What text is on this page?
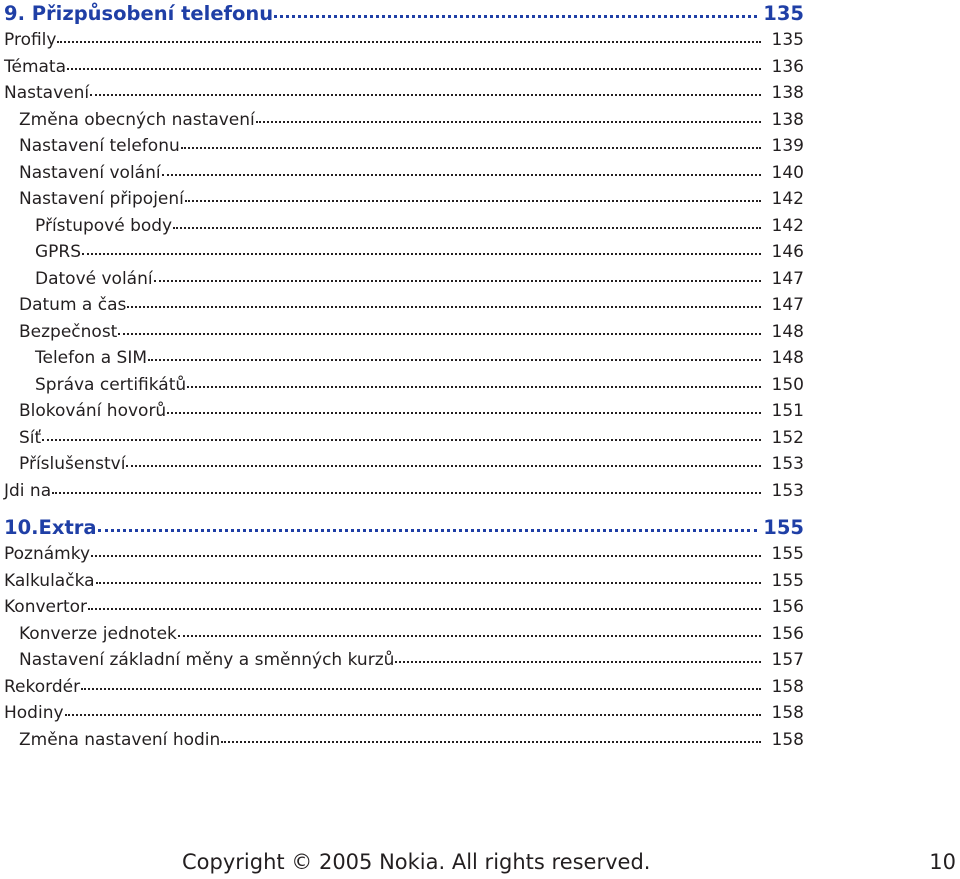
9. Přizpůsobení telefonu	135
Profily	135
Témata	136
Nastavení	138
Změna obecných nastavení	138
Nastavení telefonu	139
Nastavení volání	140
Nastavení připojení	142
Přístupové body	142
GPRS	146
Datové volání	147
Datum a čas	147
Bezpečnost	148
Telefon a SIM	148
Správa certifikátů	150
Blokování hovorů	151
Síť	152
Příslušenství	153
Jdi na	153
10.Extra	155
Poznámky	155
Kalkulačka	155
Konvertor	156
Konverze jednotek	156
Nastavení základní měny a směnných kurzů	157
Rekordér	158
Hodiny	158
Změna nastavení hodin	158
Copyright © 2005 Nokia. All rights reserved.	10
